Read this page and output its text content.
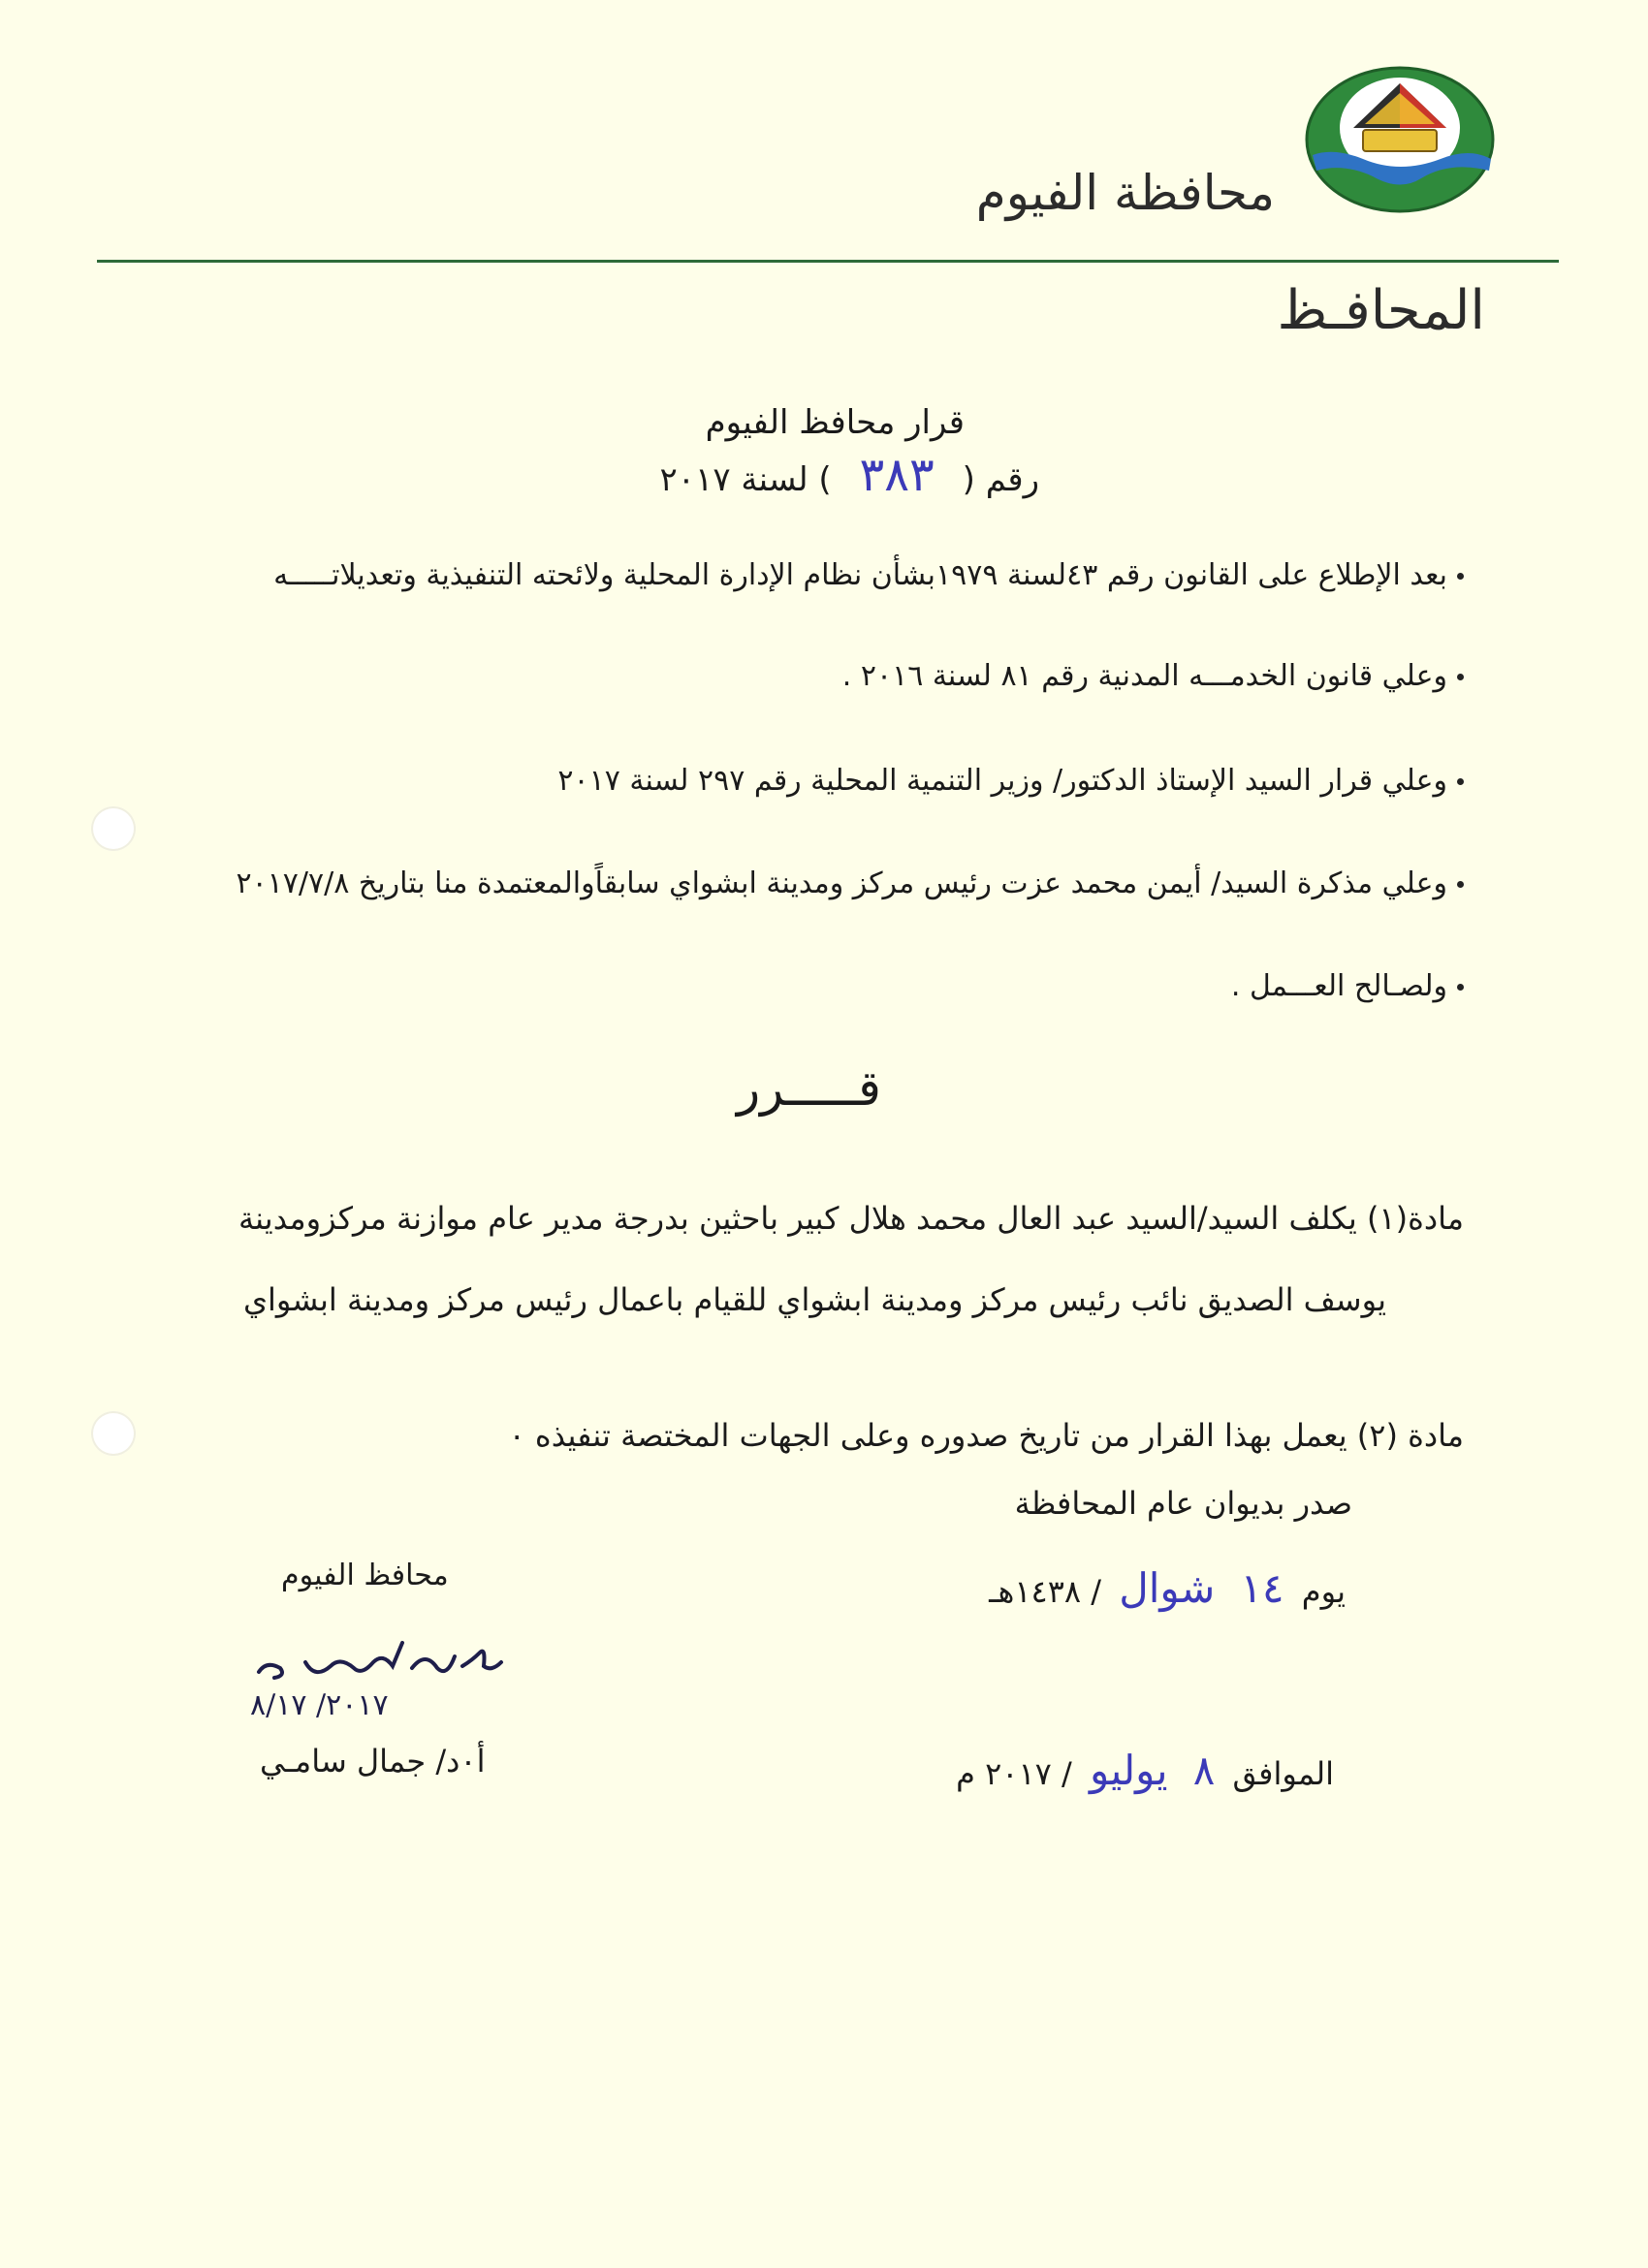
محافظة الفيوم
المحافـظ
قرار محافظ الفيوم
رقم ( ٣٨٣ ) لسنة ٢٠١٧
بعد الإطلاع على القانون رقم ٤٣لسنة ١٩٧٩بشأن نظام الإدارة المحلية ولائحته التنفيذية وتعديلاتـــــه
وعلي قانون الخدمـــه المدنية رقم ٨١ لسنة ٢٠١٦ .
وعلي قرار السيد الإستاذ الدكتور/ وزير التنمية المحلية رقم ٢٩٧ لسنة ٢٠١٧
وعلي مذكرة السيد/ أيمن محمد عزت رئيس مركز ومدينة ابشواي سابقاًوالمعتمدة منا بتاريخ ٢٠١٧/٧/٨
ولصـالح العـــمل .
قـــــرر
مادة(١) يكلف السيد/السيد عبد العال محمد هلال كبير باحثين بدرجة مدير عام موازنة مركزومدينة
يوسف الصديق نائب رئيس مركز ومدينة ابشواي للقيام باعمال رئيس مركز ومدينة ابشواي
مادة (٢) يعمل بهذا القرار من تاريخ صدوره وعلى الجهات المختصة تنفيذه ٠
صدر بديوان عام المحافظة
يوم ١٤ شوال / ١٤٣٨هـ
الموافق ٨ يوليو / ٢٠١٧ م
محافظ الفيوم
٢٠١٧/ ٨/١٧
أ٠د/ جمال سامـي
